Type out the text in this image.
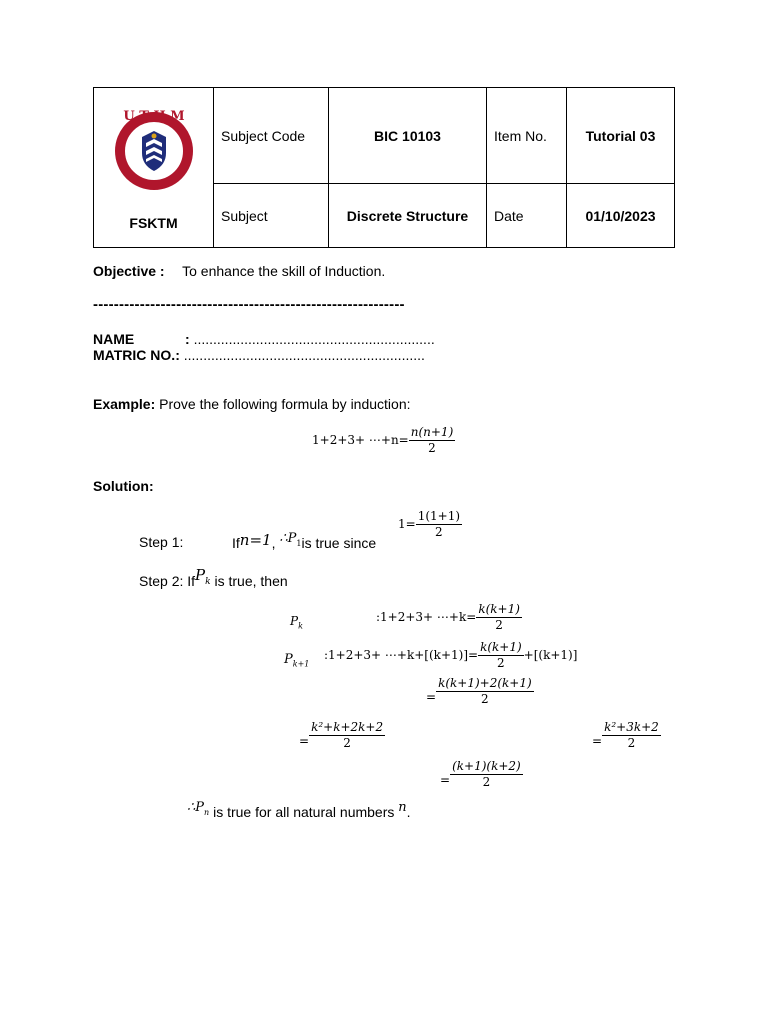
U T H M
FSKTM	Subject Code	BIC 10103	Item No.	Tutorial 03
	Subject	Discrete Structure	Date	01/10/2023
Objective : To enhance the skill of Induction.
------------------------------------------------------------
NAME	: ..............................................................
MATRIC NO.: ..............................................................
Example: Prove the following formula by induction:
1+2+3+ ⋯+n= $\frac{n(n+1)}{2}$
Solution:
Step 1:	Ifn=1, $\therefore P_1is$ true since
$1= \frac{1(1+1)}{2}$
Step 2: IfP$_k$ is true, then
$P_k$
:1+2+3+ ⋯+k= $\frac{k(k+1)}{2}$
$P_{k+1}$
:1+2+3+ ⋯+k+[(k+1)]= $\frac{k(k+1)}{2} +[(k+1)]$
= $\frac{k(k+1)+2(k+1)}{2}$
= $\frac{\text{k²+k+2k+2}}{2}$	= $\frac{\text{k²+3k+2}}{2}$
= $\frac{(k+1)(k+2)}{2}$
$\therefore P_n$ is true for all natural numbers n.
